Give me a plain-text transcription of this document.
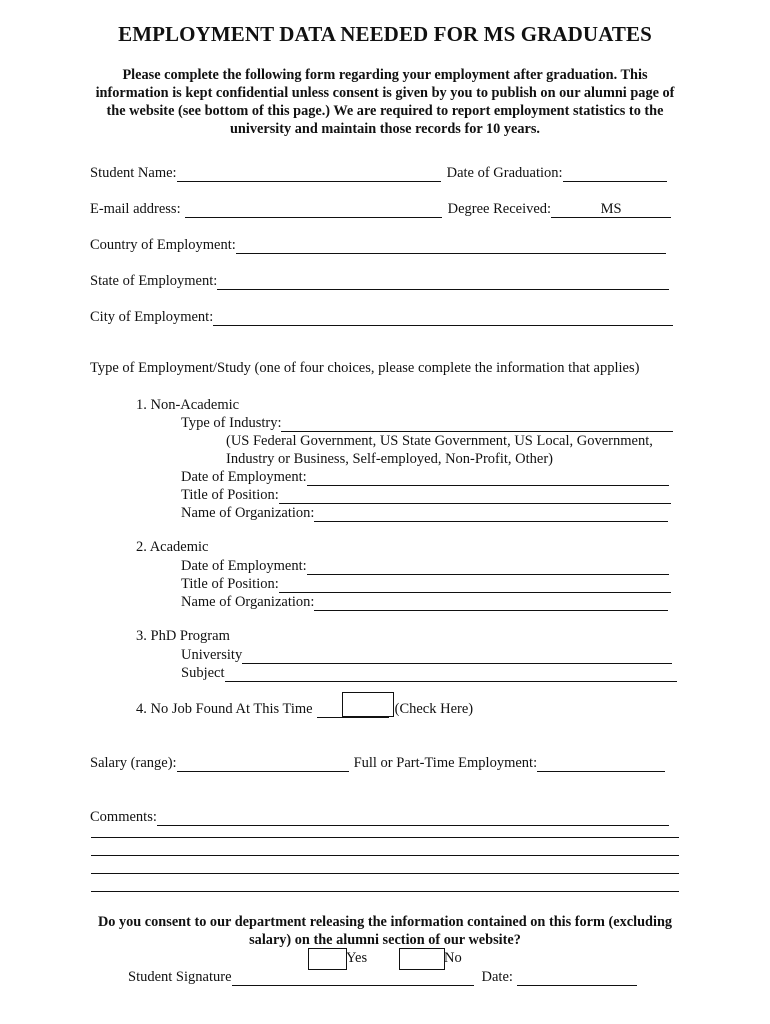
EMPLOYMENT DATA NEEDED FOR MS GRADUATES
Please complete the following form regarding your employment after graduation. This information is kept confidential unless consent is given by you to publish on our alumni page of the website (see bottom of this page.) We are required to report employment statistics to the university and maintain those records for 10 years.
Student Name:	Date of Graduation:
E-mail address:	Degree Received:	MS
Country of Employment:
State of Employment:
City of Employment:
Type of Employment/Study (one of four choices, please complete the information that applies)
1. Non-Academic
Type of Industry:
(US Federal Government, US State Government, US Local, Government,
Industry or Business, Self-employed, Non-Profit, Other)
Date of Employment:
Title of Position:
Name of Organization:
2. Academic
Date of Employment:
Title of Position:
Name of Organization:
3. PhD Program
University
Subject
4. No Job Found At This Time	(Check Here)
Salary (range):	Full or Part-Time Employment:
Comments:
Do you consent to our department releasing the information contained on this form (excluding salary) on the alumni section of our website?
Yes	No
Student Signature	Date:
